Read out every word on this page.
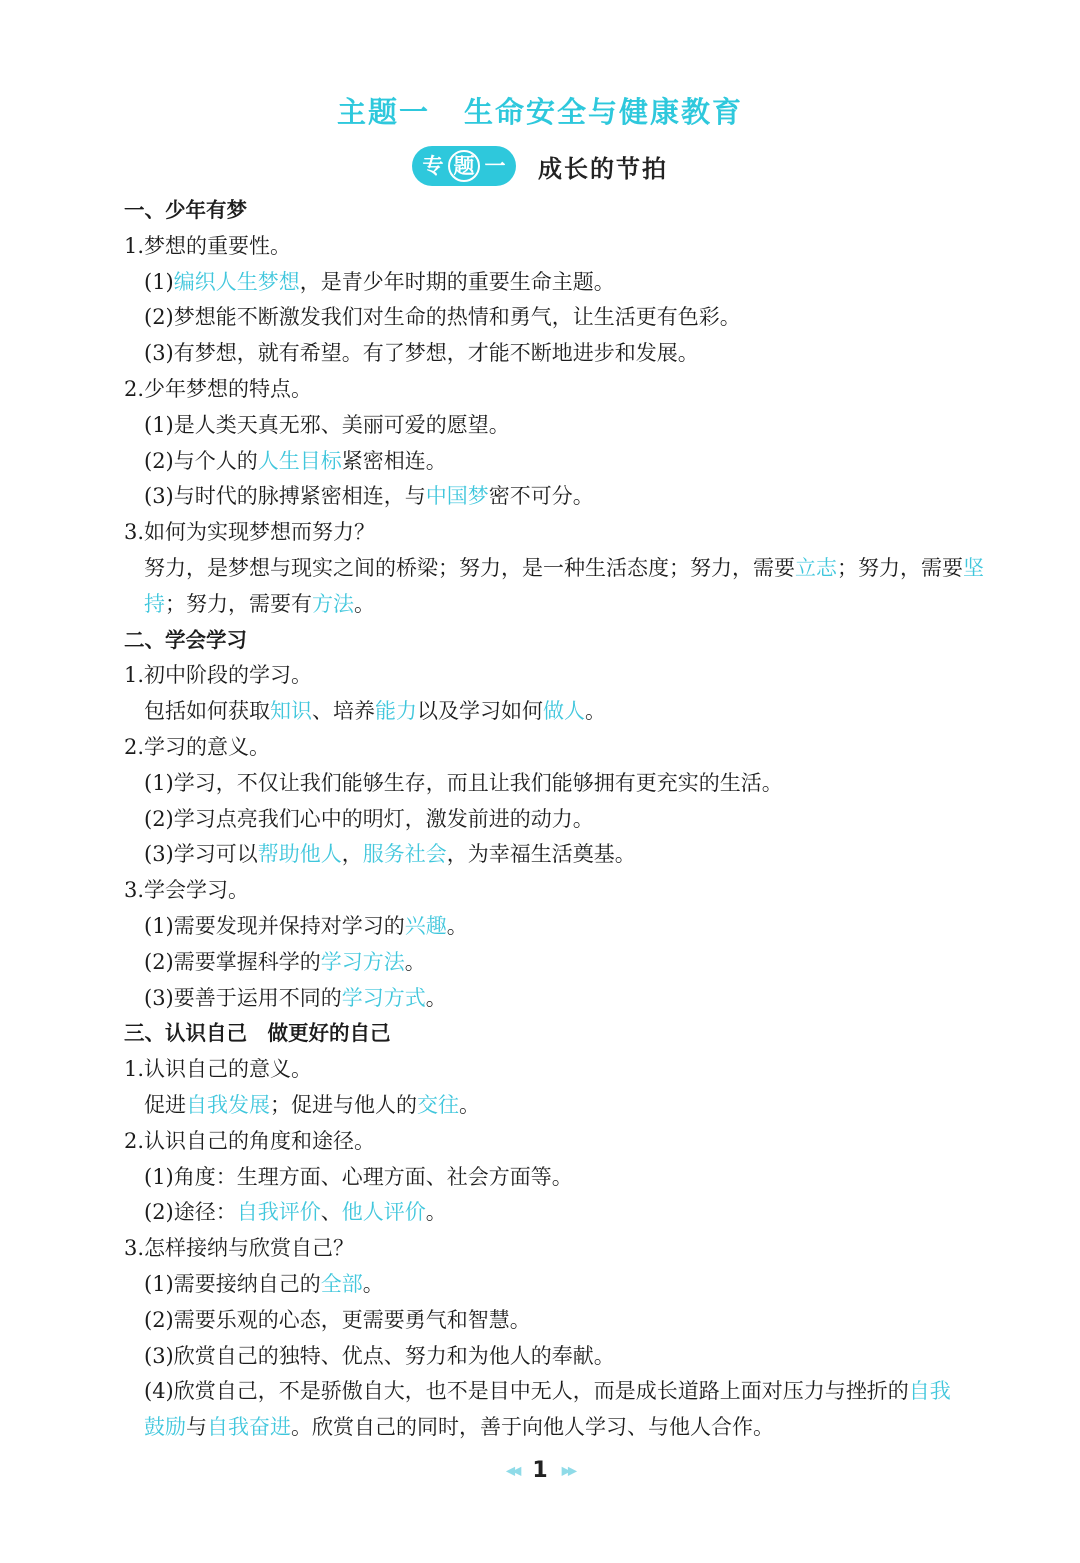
主题一 生命安全与健康教育
专 题 一 成长的节拍
一、少年有梦
1.梦想的重要性。
(1)编织人生梦想，是青少年时期的重要生命主题。
(2)梦想能不断激发我们对生命的热情和勇气，让生活更有色彩。
(3)有梦想，就有希望。有了梦想，才能不断地进步和发展。
2.少年梦想的特点。
(1)是人类天真无邪、美丽可爱的愿望。
(2)与个人的人生目标紧密相连。
(3)与时代的脉搏紧密相连，与中国梦密不可分。
3.如何为实现梦想而努力？
努力，是梦想与现实之间的桥梁；努力，是一种生活态度；努力，需要立志；努力，需要坚
持；努力，需要有方法。
二、学会学习
1.初中阶段的学习。
包括如何获取知识、培养能力以及学习如何做人。
2.学习的意义。
(1)学习，不仅让我们能够生存，而且让我们能够拥有更充实的生活。
(2)学习点亮我们心中的明灯，激发前进的动力。
(3)学习可以帮助他人，服务社会，为幸福生活奠基。
3.学会学习。
(1)需要发现并保持对学习的兴趣。
(2)需要掌握科学的学习方法。
(3)要善于运用不同的学习方式。
三、认识自己　做更好的自己
1.认识自己的意义。
促进自我发展；促进与他人的交往。
2.认识自己的角度和途径。
(1)角度：生理方面、心理方面、社会方面等。
(2)途径：自我评价、他人评价。
3.怎样接纳与欣赏自己？
(1)需要接纳自己的全部。
(2)需要乐观的心态，更需要勇气和智慧。
(3)欣赏自己的独特、优点、努力和为他人的奉献。
(4)欣赏自己，不是骄傲自大，也不是目中无人，而是成长道路上面对压力与挫折的自我
鼓励与自我奋进。欣赏自己的同时，善于向他人学习、与他人合作。
◀◀ 1 ▶▶
